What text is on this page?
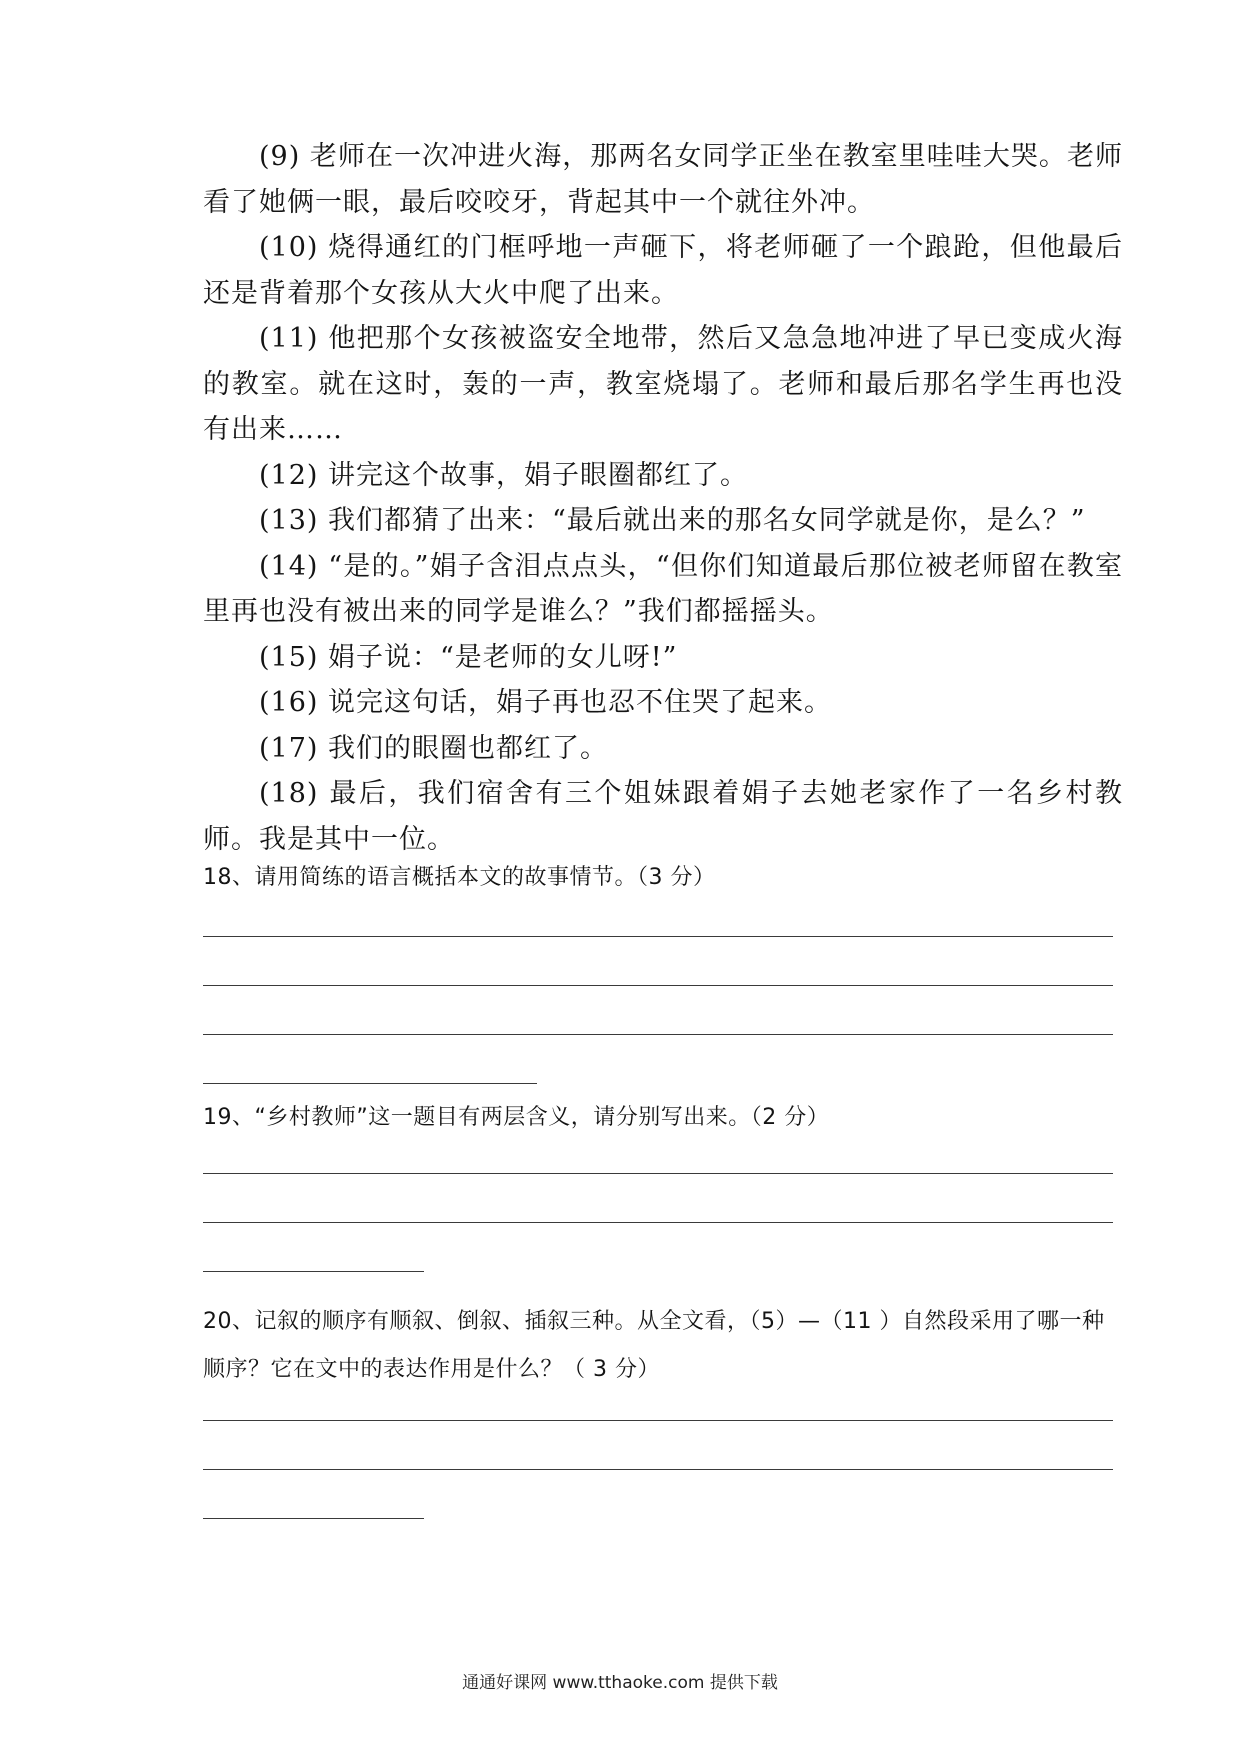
(9) 老师在一次冲进火海，那两名女同学正坐在教室里哇哇大哭。老师看了她俩一眼，最后咬咬牙，背起其中一个就往外冲。

(10) 烧得通红的门框呼地一声砸下，将老师砸了一个踉跄，但他最后还是背着那个女孩从大火中爬了出来。

(11) 他把那个女孩被盗安全地带，然后又急急地冲进了早已变成火海的教室。就在这时，轰的一声，教室烧塌了。老师和最后那名学生再也没有出来……

(12) 讲完这个故事，娟子眼圈都红了。

(13) 我们都猜了出来：“最后就出来的那名女同学就是你，是么？”

(14) “是的。”娟子含泪点点头，“但你们知道最后那位被老师留在教室里再也没有被出来的同学是谁么？”我们都摇摇头。

(15) 娟子说：“是老师的女儿呀!”

(16) 说完这句话，娟子再也忍不住哭了起来。

(17) 我们的眼圈也都红了。

(18) 最后，我们宿舍有三个姐妹跟着娟子去她老家作了一名乡村教师。我是其中一位。

18、请用简练的语言概括本文的故事情节。（3 分）

19、“乡村教师”这一题目有两层含义，请分别写出来。（2 分）

20、记叙的顺序有顺叙、倒叙、插叙三种。从全文看，（5）—（11 ）自然段采用了哪一种顺序？它在文中的表达作用是什么？（ 3 分）

通通好课网 www.tthaoke.com 提供下载
